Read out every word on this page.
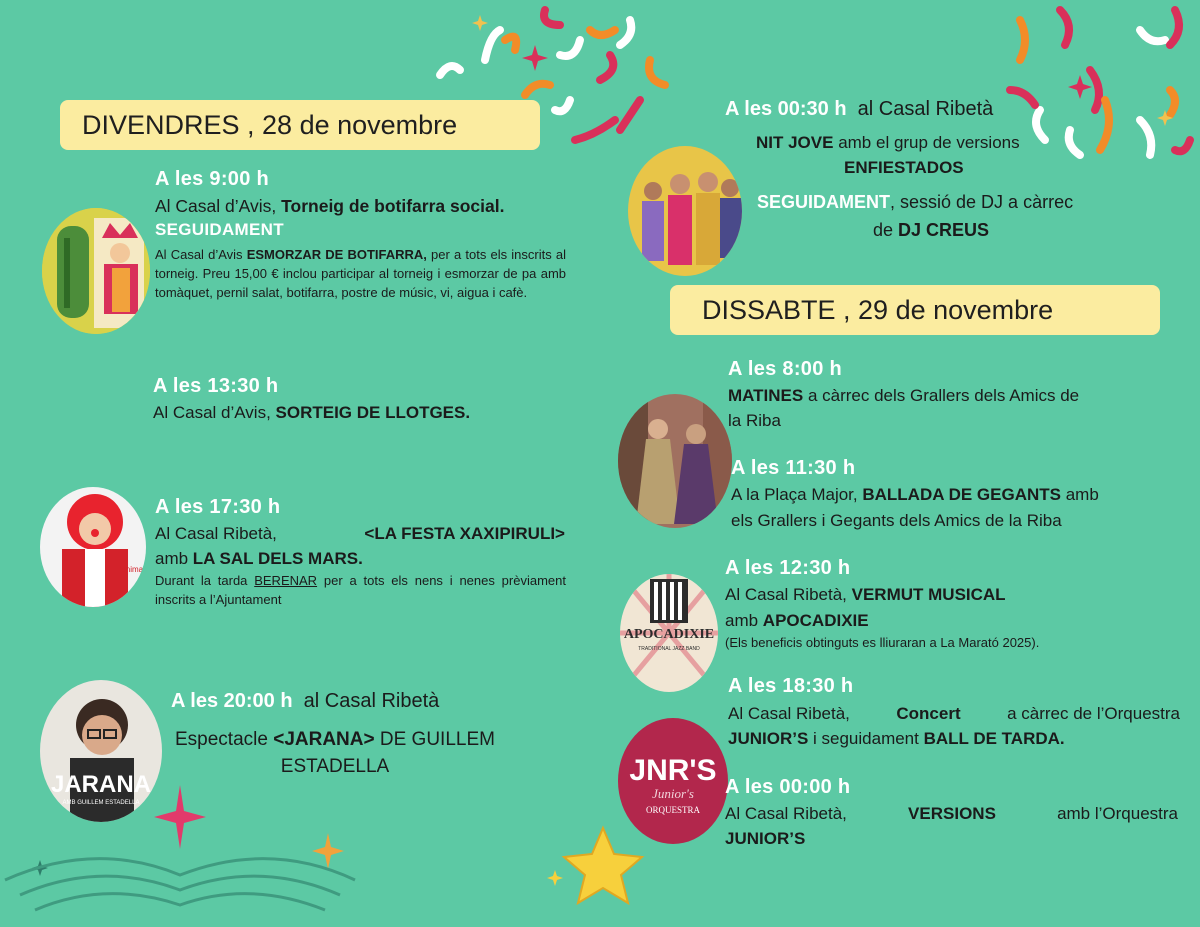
DIVENDRES , 28 de novembre
A les 9:00 h
Al Casal d’Avis, Torneig de botifarra social.
SEGUIDAMENT
Al Casal d’Avis ESMORZAR DE BOTIFARRA, per a tots els inscrits al torneig. Preu 15,00 € inclou participar al torneig i esmorzar de pa amb tomàquet, pernil salat, botifarra, postre de músic, vi, aigua i cafè.
A les 13:30 h
Al Casal d’Avis, SORTEIG DE LLOTGES.
l'anima
A les 17:30 h
Al Casal Ribetà,	<LA FESTA XAXIPIRULI>
amb LA SAL DELS MARS.
Durant la tarda BERENAR per a tots els nens i nenes prèviament inscrits a l’Ajuntament
JARANA
AMB GUILLEM ESTADELLA
A les 20:00 h al Casal Ribetà
Espectacle <JARANA> DE GUILLEM
ESTADELLA
A les 00:30 h al Casal Ribetà
NIT JOVE amb el grup de versions
ENFIESTADOS
SEGUIDAMENT, sessió de DJ a càrrec
de DJ CREUS
DISSABTE , 29 de novembre
A les 8:00 h
MATINES a càrrec dels Grallers dels Amics de
la Riba
A les 11:30 h
A la Plaça Major, BALLADA DE GEGANTS amb
els Grallers i Gegants dels Amics de la Riba
APOCADIXIE
TRADITIONAL JAZZ BAND
A les 12:30 h
Al Casal Ribetà, VERMUT MUSICAL
amb APOCADIXIE
(Els beneficis obtinguts es lliuraran a La Marató 2025).
A les 18:30 h
Al Casal Ribetà,	Concert	a càrrec de l’Orquestra
JUNIOR’S i seguidament BALL DE TARDA.
JNR'S
Junior's
ORQUESTRA
A les 00:00 h
Al Casal Ribetà,	VERSIONS	amb l’Orquestra
JUNIOR’S
